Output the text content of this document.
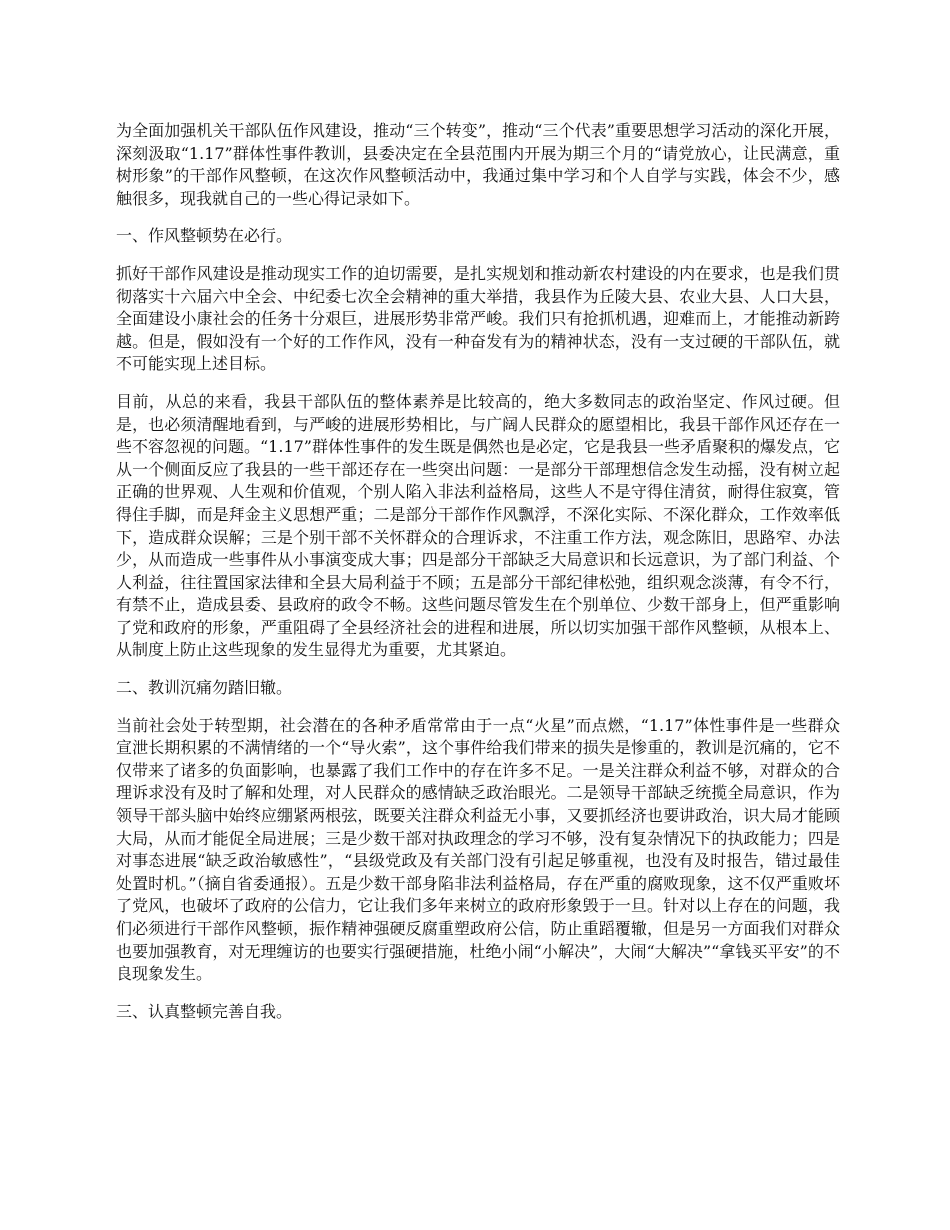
为全面加强机关干部队伍作风建设，推动“三个转变”，推动“三个代表”重要思想学习活动的深化开展，深刻汲取“1.17”群体性事件教训，县委决定在全县范围内开展为期三个月的“请党放心，让民满意，重树形象”的干部作风整顿，在这次作风整顿活动中，我通过集中学习和个人自学与实践，体会不少，感触很多，现我就自己的一些心得记录如下。

一、作风整顿势在必行。

抓好干部作风建设是推动现实工作的迫切需要，是扎实规划和推动新农村建设的内在要求，也是我们贯彻落实十六届六中全会、中纪委七次全会精神的重大举措，我县作为丘陵大县、农业大县、人口大县，全面建设小康社会的任务十分艰巨，进展形势非常严峻。我们只有抢抓机遇，迎难而上，才能推动新跨越。但是，假如没有一个好的工作作风，没有一种奋发有为的精神状态，没有一支过硬的干部队伍，就不可能实现上述目标。

目前，从总的来看，我县干部队伍的整体素养是比较高的，绝大多数同志的政治坚定、作风过硬。但是，也必须清醒地看到，与严峻的进展形势相比，与广阔人民群众的愿望相比，我县干部作风还存在一些不容忽视的问题。“1.17”群体性事件的发生既是偶然也是必定，它是我县一些矛盾聚积的爆发点，它从一个侧面反应了我县的一些干部还存在一些突出问题：一是部分干部理想信念发生动摇，没有树立起正确的世界观、人生观和价值观，个别人陷入非法利益格局，这些人不是守得住清贫，耐得住寂寞，管得住手脚，而是拜金主义思想严重；二是部分干部作作风飘浮，不深化实际、不深化群众，工作效率低下，造成群众误解；三是个别干部不关怀群众的合理诉求，不注重工作方法，观念陈旧，思路窄、办法少，从而造成一些事件从小事演变成大事；四是部分干部缺乏大局意识和长远意识，为了部门利益、个人利益，往往置国家法律和全县大局利益于不顾；五是部分干部纪律松弛，组织观念淡薄，有令不行，有禁不止，造成县委、县政府的政令不畅。这些问题尽管发生在个别单位、少数干部身上，但严重影响了党和政府的形象，严重阻碍了全县经济社会的进程和进展，所以切实加强干部作风整顿，从根本上、从制度上防止这些现象的发生显得尤为重要，尤其紧迫。

二、教训沉痛勿踏旧辙。

当前社会处于转型期，社会潜在的各种矛盾常常由于一点“火星”而点燃，“1.17”体性事件是一些群众宣泄长期积累的不满情绪的一个“导火索”，这个事件给我们带来的损失是惨重的，教训是沉痛的，它不仅带来了诸多的负面影响，也暴露了我们工作中的存在许多不足。一是关注群众利益不够，对群众的合理诉求没有及时了解和处理，对人民群众的感情缺乏政治眼光。二是领导干部缺乏统揽全局意识，作为领导干部头脑中始终应绷紧两根弦，既要关注群众利益无小事，又要抓经济也要讲政治，识大局才能顾大局，从而才能促全局进展；三是少数干部对执政理念的学习不够，没有复杂情况下的执政能力；四是对事态进展“缺乏政治敏感性”，“县级党政及有关部门没有引起足够重视，也没有及时报告，错过最佳处置时机。”（摘自省委通报）。五是少数干部身陷非法利益格局，存在严重的腐败现象，这不仅严重败坏了党风，也破坏了政府的公信力，它让我们多年来树立的政府形象毁于一旦。针对以上存在的问题，我们必须进行干部作风整顿，振作精神强硬反腐重塑政府公信，防止重蹈覆辙，但是另一方面我们对群众也要加强教育，对无理缠访的也要实行强硬措施，杜绝小闹“小解决”，大闹“大解决”“拿钱买平安”的不良现象发生。

三、认真整顿完善自我。
